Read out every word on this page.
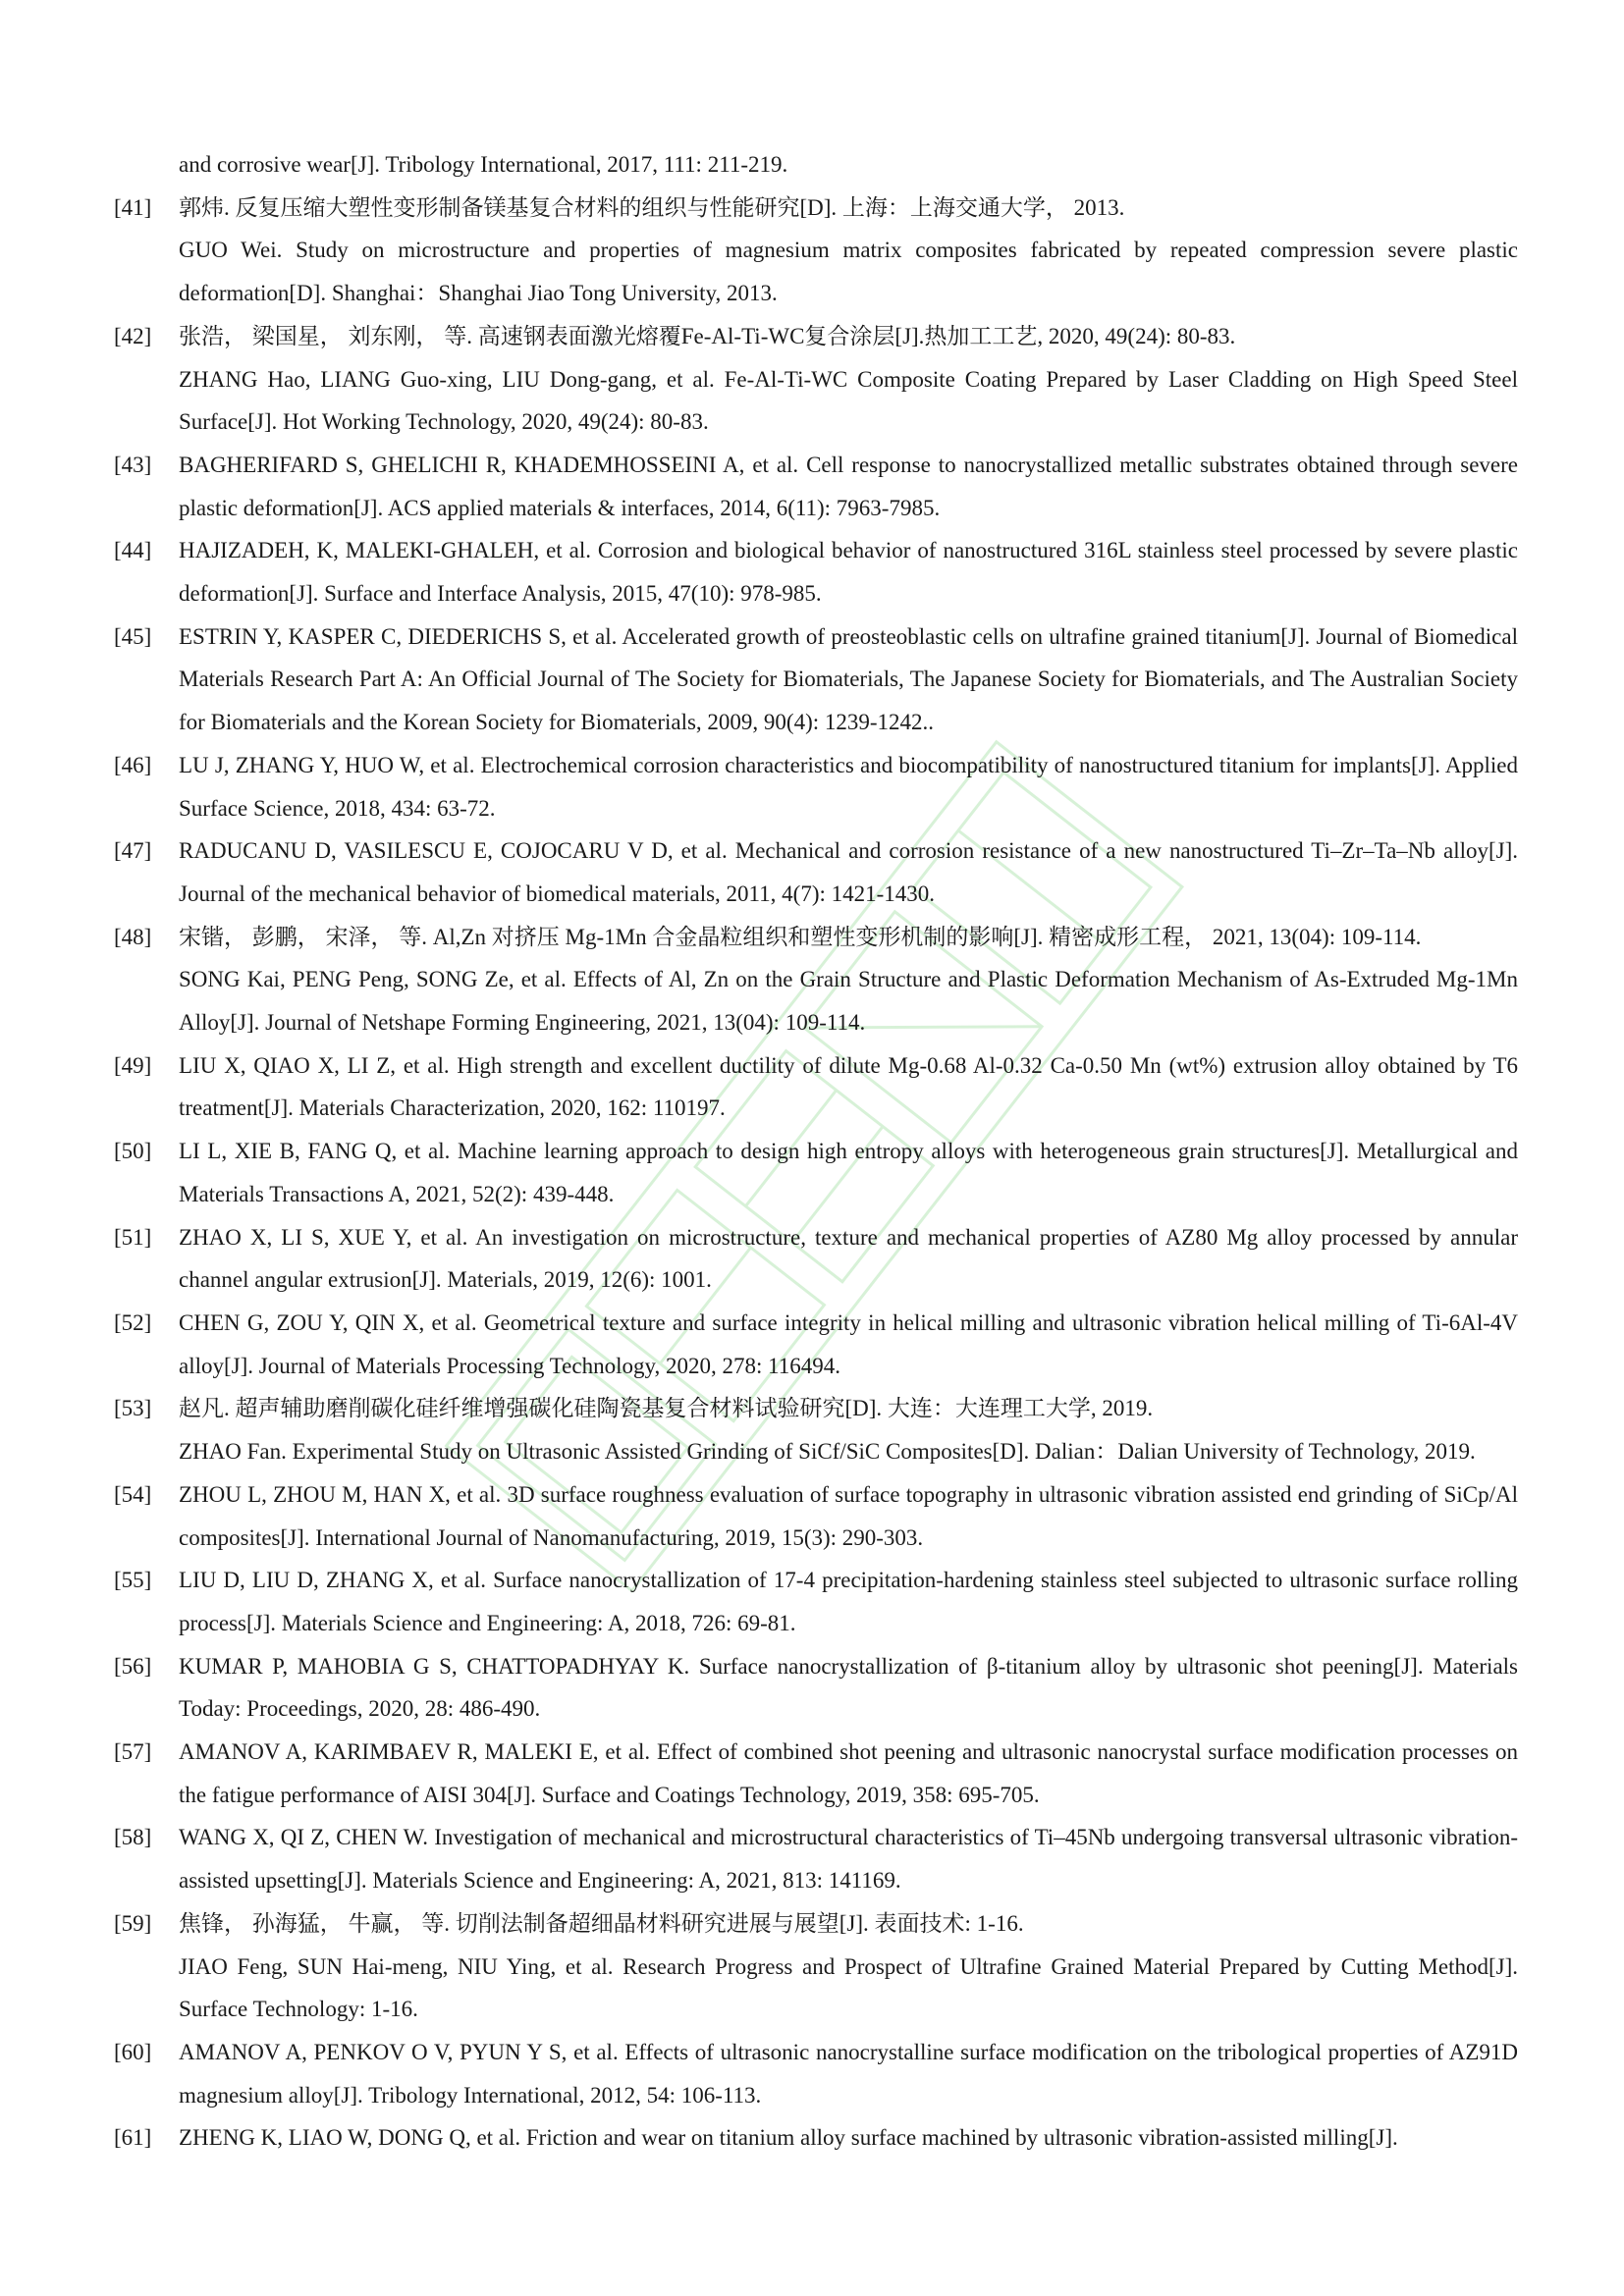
and corrosive wear[J]. Tribology International, 2017, 111: 211-219.

[41] 郭炜. 反复压缩大塑性变形制备镁基复合材料的组织与性能研究[D]. 上海：上海交通大学， 2013.

GUO Wei. Study on microstructure and properties of magnesium matrix composites fabricated by repeated compression severe plastic deformation[D]. Shanghai：Shanghai Jiao Tong University, 2013.

[42] 张浩， 梁国星， 刘东刚， 等. 高速钢表面激光熔覆Fe-Al-Ti-WC复合涂层[J].热加工工艺, 2020, 49(24): 80-83.

ZHANG Hao, LIANG Guo-xing, LIU Dong-gang, et al. Fe-Al-Ti-WC Composite Coating Prepared by Laser Cladding on High Speed Steel Surface[J]. Hot Working Technology, 2020, 49(24): 80-83.

[43] BAGHERIFARD S, GHELICHI R, KHADEMHOSSEINI A, et al. Cell response to nanocrystallized metallic substrates obtained through severe plastic deformation[J]. ACS applied materials & interfaces, 2014, 6(11): 7963-7985.

[44] HAJIZADEH, K, MALEKI‐GHALEH, et al. Corrosion and biological behavior of nanostructured 316L stainless steel processed by severe plastic deformation[J]. Surface and Interface Analysis, 2015, 47(10): 978-985.

[45] ESTRIN Y, KASPER C, DIEDERICHS S, et al. Accelerated growth of preosteoblastic cells on ultrafine grained titanium[J]. Journal of Biomedical Materials Research Part A: An Official Journal of The Society for Biomaterials, The Japanese Society for Biomaterials, and The Australian Society for Biomaterials and the Korean Society for Biomaterials, 2009, 90(4): 1239-1242..

[46] LU J, ZHANG Y, HUO W, et al. Electrochemical corrosion characteristics and biocompatibility of nanostructured titanium for implants[J]. Applied Surface Science, 2018, 434: 63-72.

[47] RADUCANU D, VASILESCU E, COJOCARU V D, et al. Mechanical and corrosion resistance of a new nanostructured Ti–Zr–Ta–Nb alloy[J]. Journal of the mechanical behavior of biomedical materials, 2011, 4(7): 1421-1430.

[48] 宋锴， 彭鹏， 宋泽， 等. Al,Zn 对挤压 Mg-1Mn 合金晶粒组织和塑性变形机制的影响[J]. 精密成形工程， 2021, 13(04): 109-114.

SONG Kai, PENG Peng, SONG Ze, et al. Effects of Al, Zn on the Grain Structure and Plastic Deformation Mechanism of As-Extruded Mg-1Mn Alloy[J]. Journal of Netshape Forming Engineering, 2021, 13(04): 109-114.

[49] LIU X, QIAO X, LI Z, et al. High strength and excellent ductility of dilute Mg-0.68 Al-0.32 Ca-0.50 Mn (wt%) extrusion alloy obtained by T6 treatment[J]. Materials Characterization, 2020, 162: 110197.

[50] LI L, XIE B, FANG Q, et al. Machine learning approach to design high entropy alloys with heterogeneous grain structures[J]. Metallurgical and Materials Transactions A, 2021, 52(2): 439-448.

[51] ZHAO X, LI S, XUE Y, et al. An investigation on microstructure, texture and mechanical properties of AZ80 Mg alloy processed by annular channel angular extrusion[J]. Materials, 2019, 12(6): 1001.

[52] CHEN G, ZOU Y, QIN X, et al. Geometrical texture and surface integrity in helical milling and ultrasonic vibration helical milling of Ti-6Al-4V alloy[J]. Journal of Materials Processing Technology, 2020, 278: 116494.

[53] 赵凡. 超声辅助磨削碳化硅纤维增强碳化硅陶瓷基复合材料试验研究[D]. 大连：大连理工大学, 2019.

ZHAO Fan. Experimental Study on Ultrasonic Assisted Grinding of SiCf/SiC Composites[D]. Dalian：Dalian University of Technology, 2019.

[54] ZHOU L, ZHOU M, HAN X, et al. 3D surface roughness evaluation of surface topography in ultrasonic vibration assisted end grinding of SiCp/Al composites[J]. International Journal of Nanomanufacturing, 2019, 15(3): 290-303.

[55] LIU D, LIU D, ZHANG X, et al. Surface nanocrystallization of 17-4 precipitation-hardening stainless steel subjected to ultrasonic surface rolling process[J]. Materials Science and Engineering: A, 2018, 726: 69-81.

[56] KUMAR P, MAHOBIA G S, CHATTOPADHYAY K. Surface nanocrystallization of β-titanium alloy by ultrasonic shot peening[J]. Materials Today: Proceedings, 2020, 28: 486-490.

[57] AMANOV A, KARIMBAEV R, MALEKI E, et al. Effect of combined shot peening and ultrasonic nanocrystal surface modification processes on the fatigue performance of AISI 304[J]. Surface and Coatings Technology, 2019, 358: 695-705.

[58] WANG X, QI Z, CHEN W. Investigation of mechanical and microstructural characteristics of Ti–45Nb undergoing transversal ultrasonic vibration-assisted upsetting[J]. Materials Science and Engineering: A, 2021, 813: 141169.

[59] 焦锋， 孙海猛， 牛赢， 等. 切削法制备超细晶材料研究进展与展望[J]. 表面技术: 1-16.

JIAO Feng, SUN Hai-meng, NIU Ying, et al. Research Progress and Prospect of Ultrafine Grained Material Prepared by Cutting Method[J]. Surface Technology: 1-16.

[60] AMANOV A, PENKOV O V, PYUN Y S, et al. Effects of ultrasonic nanocrystalline surface modification on the tribological properties of AZ91D magnesium alloy[J]. Tribology International, 2012, 54: 106-113.

[61] ZHENG K, LIAO W, DONG Q, et al. Friction and wear on titanium alloy surface machined by ultrasonic vibration-assisted milling[J].
